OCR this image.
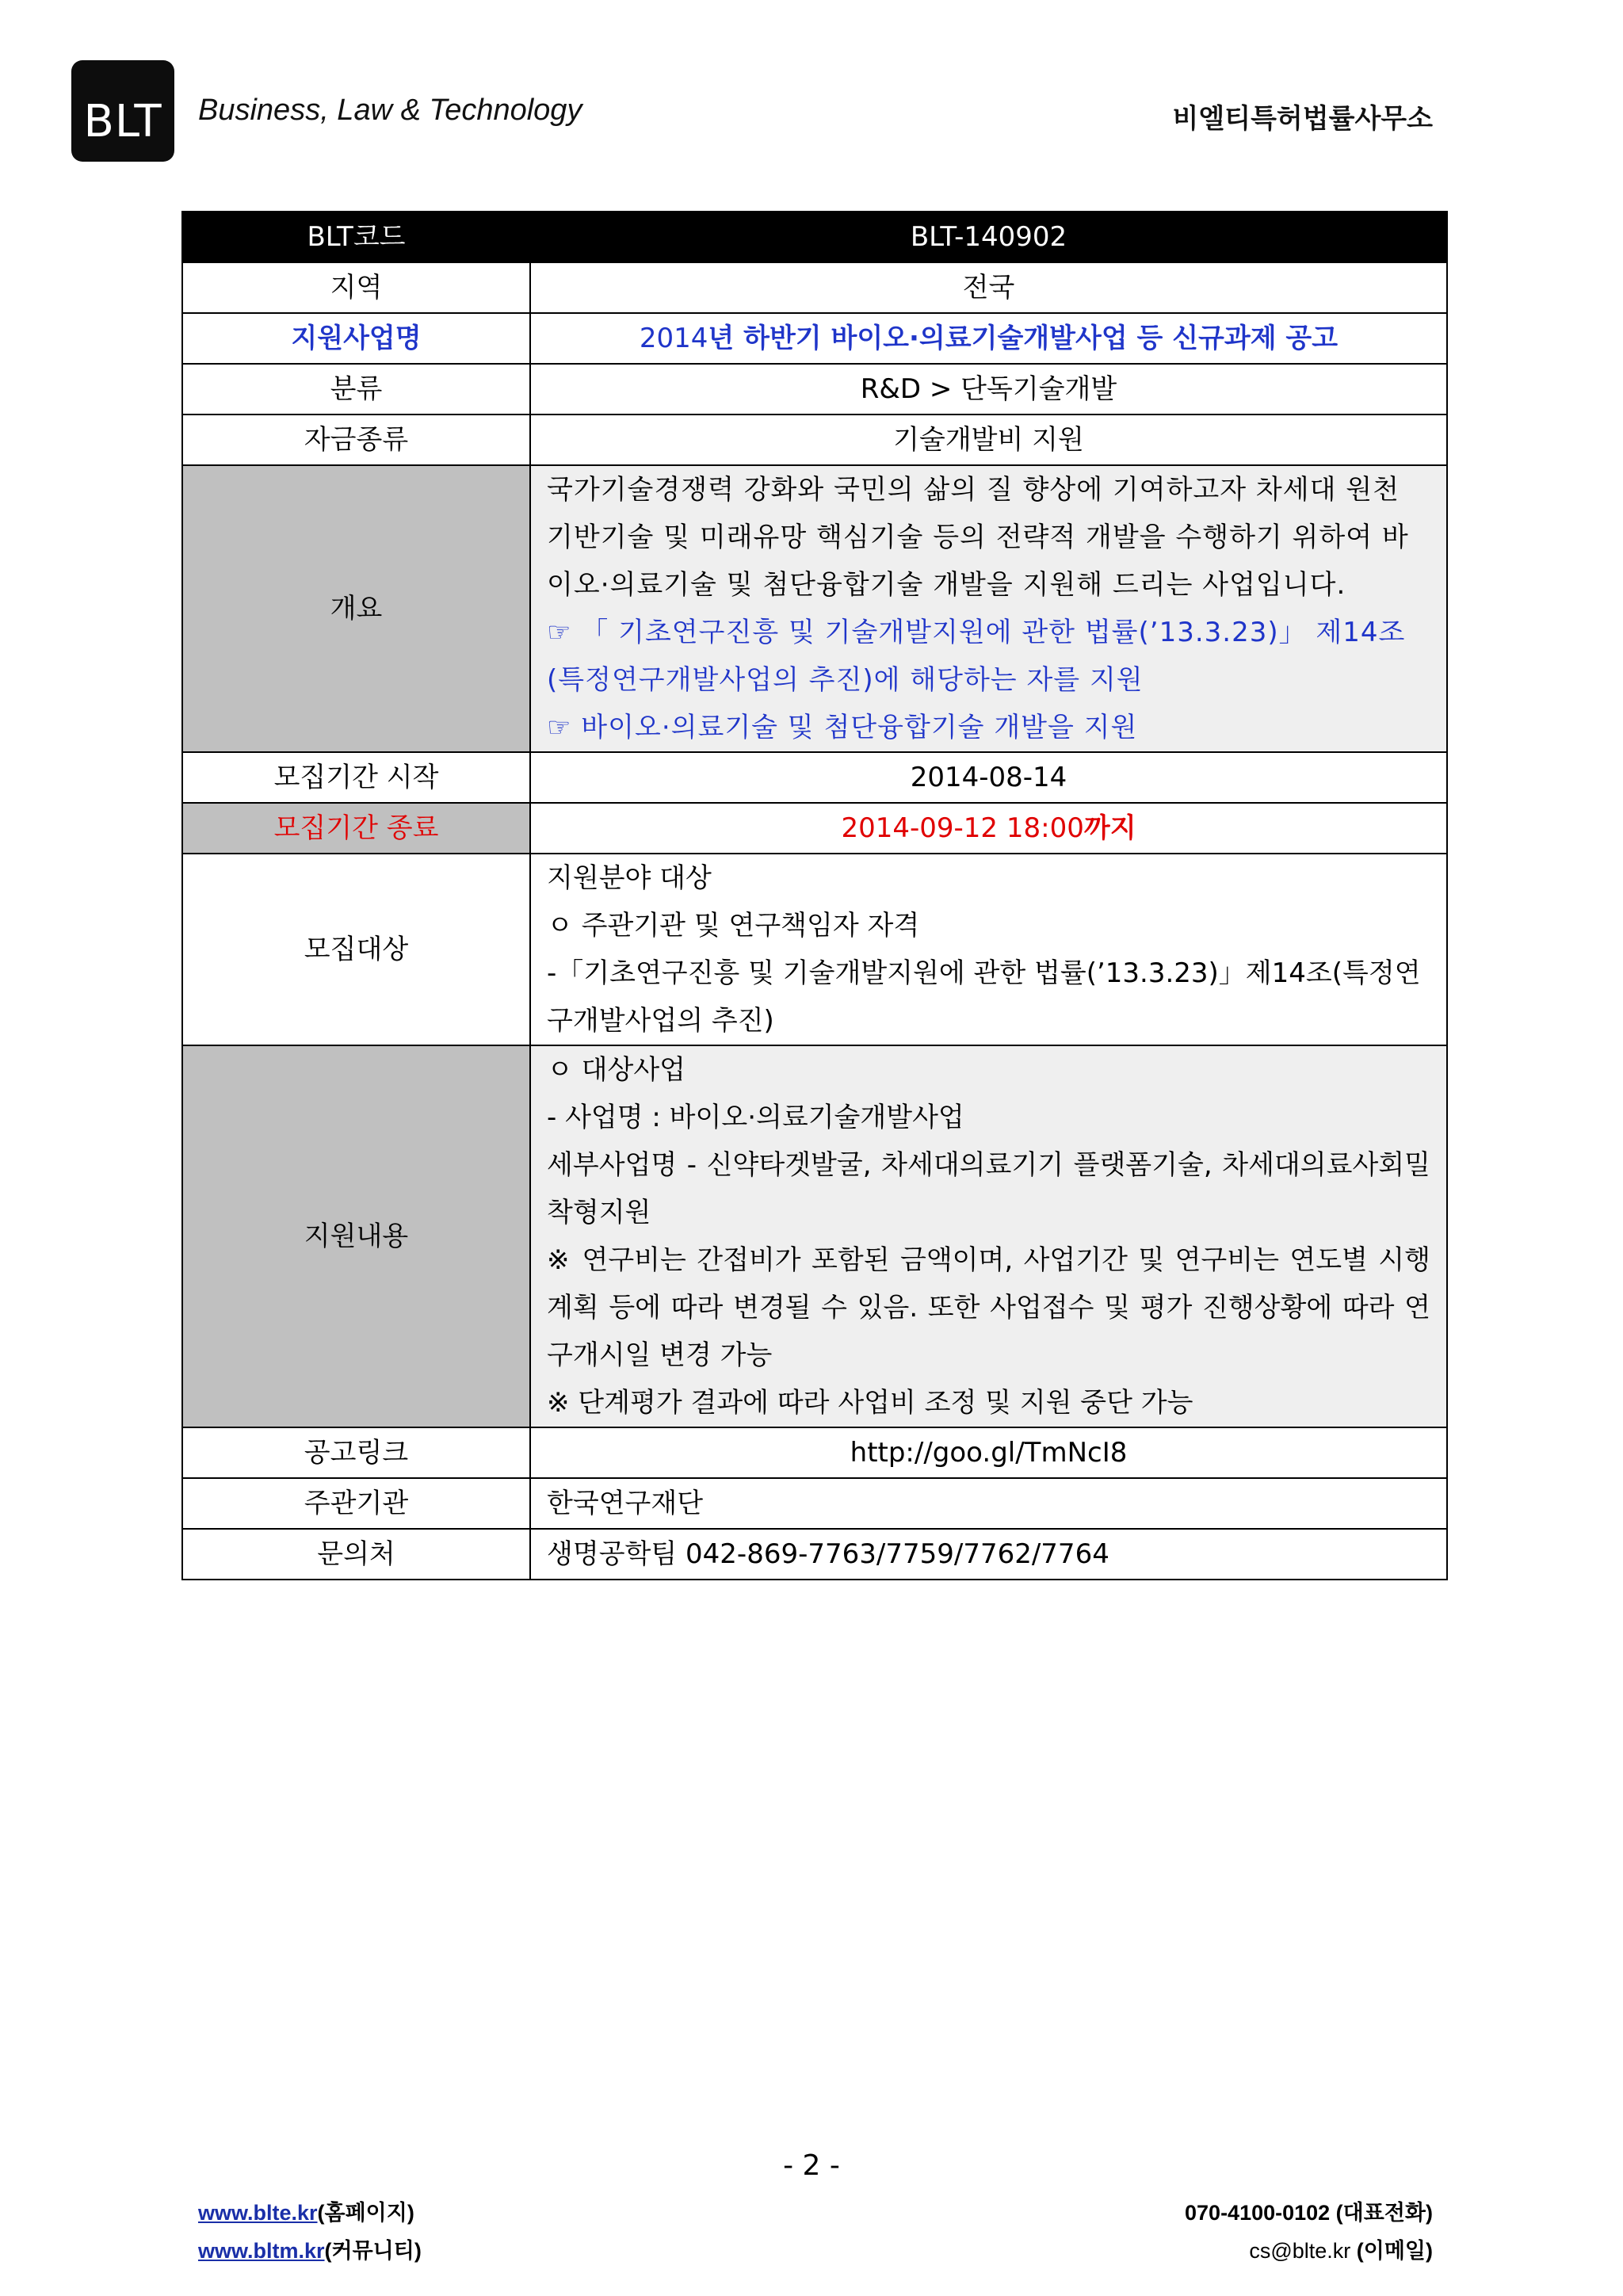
BLT Business, Law & Technology	비엘티특허법률사무소
BLT코드	BLT-140902
지역	전국
지원사업명	2014년 하반기 바이오·의료기술개발사업 등 신규과제 공고
분류	R&D > 단독기술개발
자금종류	기술개발비 지원
개요	국가기술경쟁력 강화와 국민의 삶의 질 향상에 기여하고자 차세대 원천 기반기술 및 미래유망 핵심기술 등의 전략적 개발을 수행하기 위하여 바이오·의료기술 및 첨단융합기술 개발을 지원해 드리는 사업입니다.

☞ 「 기초연구진흥 및 기술개발지원에 관한 법률(’13.3.23)」 제14조(특정연구개발사업의 추진)에 해당하는 자를 지원

☞ 바이오·의료기술 및 첨단융합기술 개발을 지원

모집기간 시작	2014-08-14
모집기간 종료	2014-09-12 18:00까지
모집대상	지원분야 대상

ㅇ 주관기관 및 연구책임자 자격

-「기초연구진흥 및 기술개발지원에 관한 법률(’13.3.23)」제14조(특정연구개발사업의 추진)

지원내용	ㅇ 대상사업

- 사업명 : 바이오·의료기술개발사업

세부사업명 - 신약타겟발굴, 차세대의료기기 플랫폼기술, 차세대의료사회밀착형지원

※ 연구비는 간접비가 포함된 금액이며, 사업기간 및 연구비는 연도별 시행계획 등에 따라 변경될 수 있음. 또한 사업접수 및 평가 진행상황에 따라 연구개시일 변경 가능

※ 단계평가 결과에 따라 사업비 조정 및 지원 중단 가능

공고링크	http://goo.gl/TmNcI8
주관기관	한국연구재단
문의처	생명공학팀 042-869-7763/7759/7762/7764
- 2 -
www.blte.kr(홈페이지)
www.bltm.kr(커뮤니티)
070-4100-0102 (대표전화)
cs@blte.kr (이메일)
